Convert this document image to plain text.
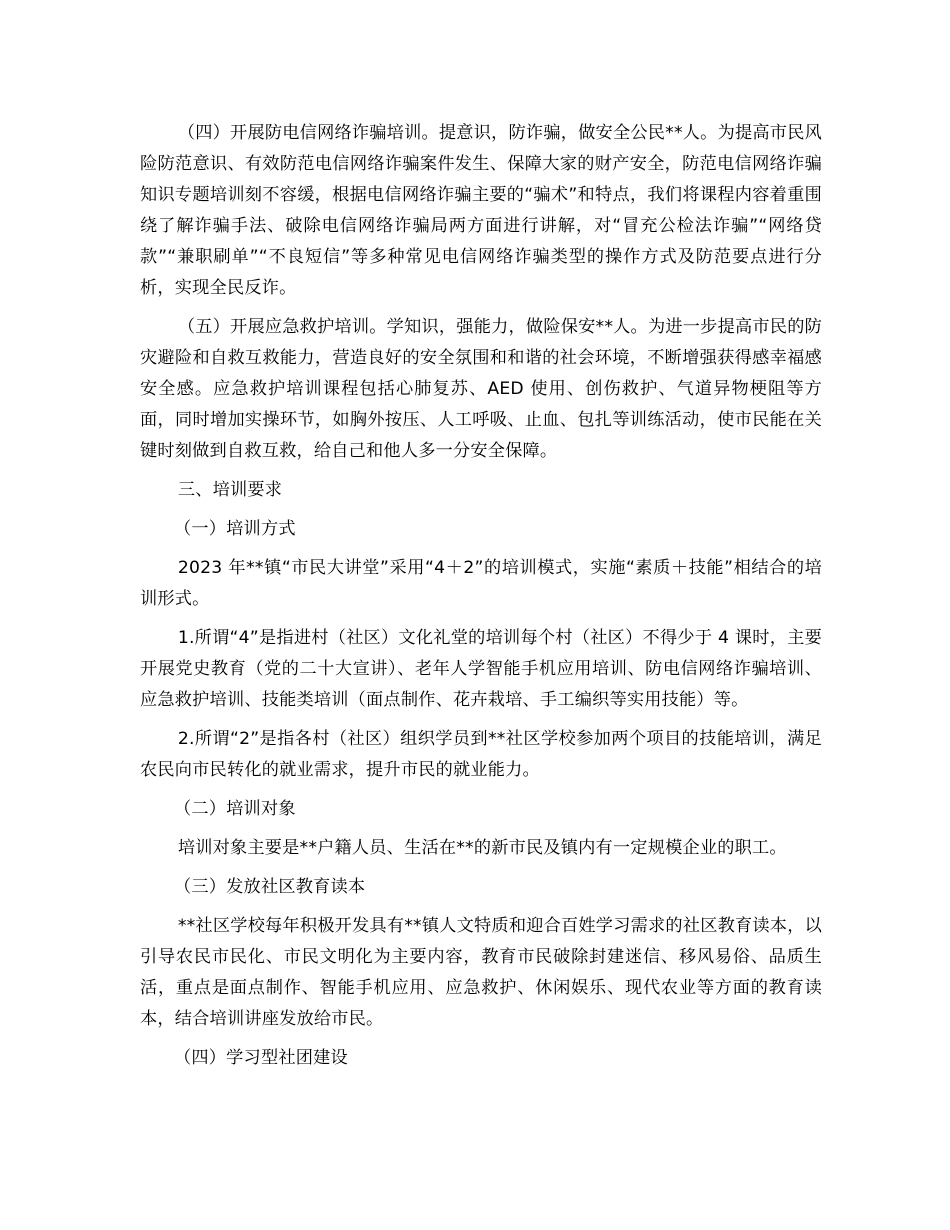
（四）开展防电信网络诈骗培训。提意识，防诈骗，做安全公民**人。为提高市民风险防范意识、有效防范电信网络诈骗案件发生、保障大家的财产安全，防范电信网络诈骗知识专题培训刻不容缓，根据电信网络诈骗主要的“骗术”和特点，我们将课程内容着重围绕了解诈骗手法、破除电信网络诈骗局两方面进行讲解，对“冒充公检法诈骗”“网络贷款”“兼职刷单”“不良短信”等多种常见电信网络诈骗类型的操作方式及防范要点进行分析，实现全民反诈。

（五）开展应急救护培训。学知识，强能力，做险保安**人。为进一步提高市民的防灾避险和自救互救能力，营造良好的安全氛围和和谐的社会环境，不断增强获得感幸福感安全感。应急救护培训课程包括心肺复苏、AED 使用、创伤救护、气道异物梗阻等方面，同时增加实操环节，如胸外按压、人工呼吸、止血、包扎等训练活动，使市民能在关键时刻做到自救互救，给自己和他人多一分安全保障。

三、培训要求

（一）培训方式

2023 年**镇“市民大讲堂”采用“4＋2”的培训模式，实施“素质＋技能”相结合的培训形式。

1.所谓“4”是指进村（社区）文化礼堂的培训每个村（社区）不得少于 4 课时，主要开展党史教育（党的二十大宣讲）、老年人学智能手机应用培训、防电信网络诈骗培训、应急救护培训、技能类培训（面点制作、花卉栽培、手工编织等实用技能）等。

2.所谓“2”是指各村（社区）组织学员到**社区学校参加两个项目的技能培训，满足农民向市民转化的就业需求，提升市民的就业能力。

（二）培训对象

培训对象主要是**户籍人员、生活在**的新市民及镇内有一定规模企业的职工。

（三）发放社区教育读本

**社区学校每年积极开发具有**镇人文特质和迎合百姓学习需求的社区教育读本，以引导农民市民化、市民文明化为主要内容，教育市民破除封建迷信、移风易俗、品质生活，重点是面点制作、智能手机应用、应急救护、休闲娱乐、现代农业等方面的教育读本，结合培训讲座发放给市民。

（四）学习型社团建设
